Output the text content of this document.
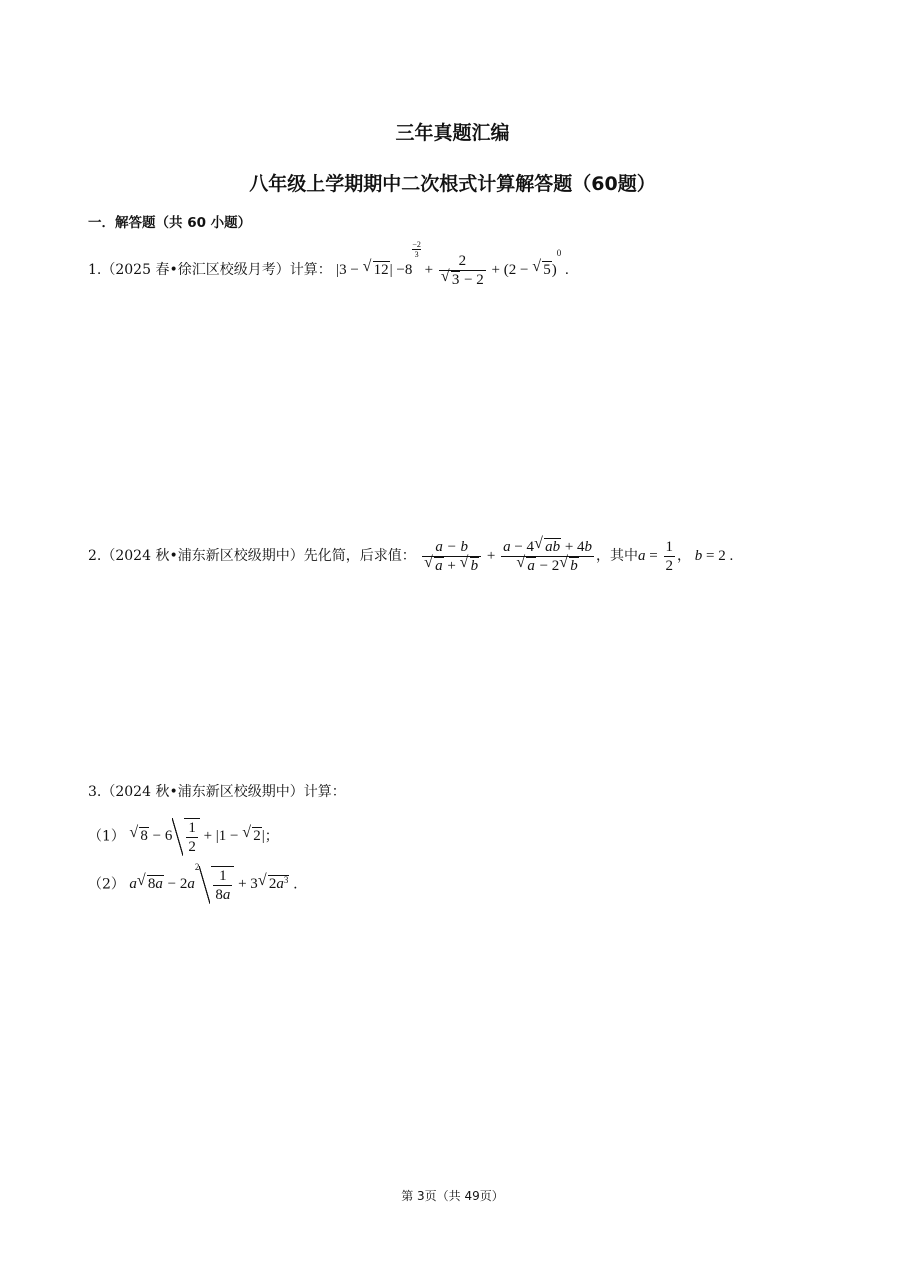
三年真题汇编
八年级上学期期中二次根式计算解答题（60题）
一．解答题（共 60 小题）
1.（2025 春•徐汇区校级月考）计算： |3 − √ 12| −8
$\frac{-2}{3} + 2$
√ 3 − 2 + (2 − √ 5)$^0$ .
2.（2024 秋•浦东新区校级期中）先化简，后求值： a − b
√ a + √ b + a − 4√ ab + 4b
√ a − 2√ b ，其中$a = \frac{1}{2}$ ， b = 2 .
3.（2024 秋•浦东新区校级期中）计算：
（1） √ $8 - 6 \frac{1}{2} + |1$ − √ 2|；
（2） a√ $8a - 2a^2 \frac{1}{8a} + 3√$ $2a^3$ .
第 3页（共 49页）
